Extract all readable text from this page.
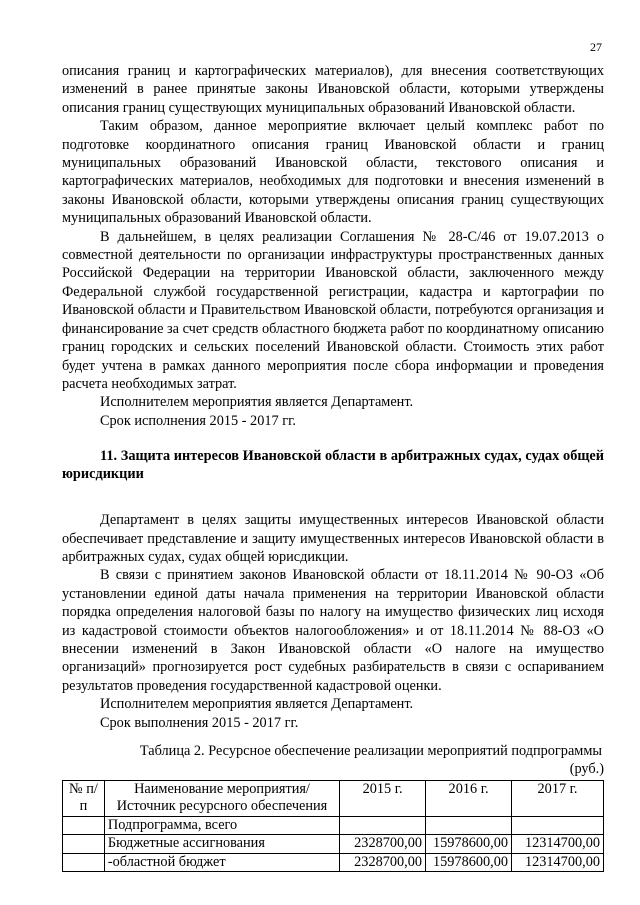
27

описания границ и картографических материалов), для внесения соответствующих изменений в ранее принятые законы Ивановской области, которыми утверждены описания границ существующих муниципальных образований Ивановской области.

Таким образом, данное мероприятие включает целый комплекс работ по подготовке координатного описания границ Ивановской области и границ муниципальных образований Ивановской области, текстового описания и картографических материалов, необходимых для подготовки и внесения изменений в законы Ивановской области, которыми утверждены описания границ существующих муниципальных образований Ивановской области.

В дальнейшем, в целях реализации Соглашения № 28-С/46 от 19.07.2013 о совместной деятельности по организации инфраструктуры пространственных данных Российской Федерации на территории Ивановской области, заключенного между Федеральной службой государственной регистрации, кадастра и картографии по Ивановской области и Правительством Ивановской области, потребуются организация и финансирование за счет средств областного бюджета работ по координатному описанию границ городских и сельских поселений Ивановской области. Стоимость этих работ будет учтена в рамках данного мероприятия после сбора информации и проведения расчета необходимых затрат.

Исполнителем мероприятия является Департамент.

Срок исполнения 2015 - 2017 гг.

11. Защита интересов Ивановской области в арбитражных судах, судах общей юрисдикции

Департамент в целях защиты имущественных интересов Ивановской области обеспечивает представление и защиту имущественных интересов Ивановской области в арбитражных судах, судах общей юрисдикции.

В связи с принятием законов Ивановской области от 18.11.2014 № 90-ОЗ «Об установлении единой даты начала применения на территории Ивановской области порядка определения налоговой базы по налогу на имущество физических лиц исходя из кадастровой стоимости объектов налогообложения» и от 18.11.2014 № 88-ОЗ «О внесении изменений в Закон Ивановской области «О налоге на имущество организаций» прогнозируется рост судебных разбирательств в связи с оспариванием результатов проведения государственной кадастровой оценки.

Исполнителем мероприятия является Департамент.

Срок выполнения 2015 - 2017 гг.

Таблица 2. Ресурсное обеспечение реализации мероприятий подпрограммы

(руб.)

№ п/п	Наименование мероприятия/Источник ресурсного обеспечения	2015 г.	2016 г.	2017 г.
	Подпрограмма, всего			
	Бюджетные ассигнования	2328700,00	15978600,00	12314700,00
	-областной бюджет	2328700,00	15978600,00	12314700,00
